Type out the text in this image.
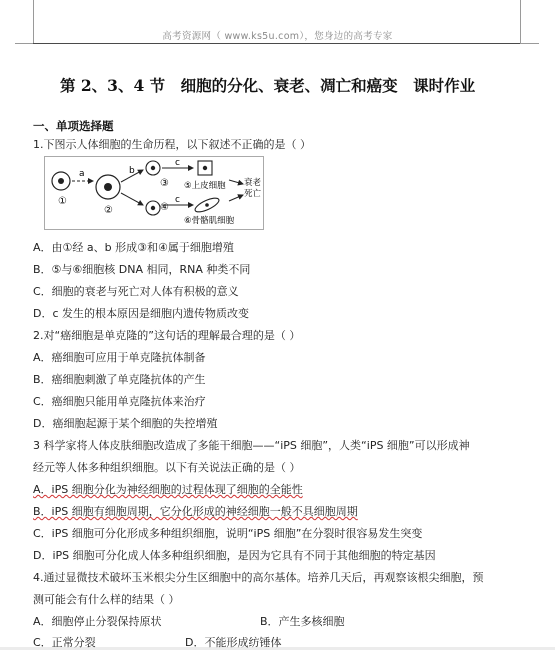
高考资源网（ www.ks5u.com），您身边的高考专家
第 2、3、4 节　细胞的分化、衰老、凋亡和癌变　课时作业
一、单项选择题
1.下图示人体细胞的生命历程，以下叙述不正确的是（ ）
①
a
②
b
③
④
c
c
⑤上皮细胞
⑥骨骼肌细胞
衰老
死亡
A．由①经 a、b 形成③和④属于细胞增殖
B．⑤与⑥细胞核 DNA 相同，RNA 种类不同
C．细胞的衰老与死亡对人体有积极的意义
D．c 发生的根本原因是细胞内遗传物质改变
2.对“癌细胞是单克隆的”这句话的理解最合理的是（ ）
A．癌细胞可应用于单克隆抗体制备
B．癌细胞刺激了单克隆抗体的产生
C．癌细胞只能用单克隆抗体来治疗
D．癌细胞起源于某个细胞的失控增殖
3 科学家将人体皮肤细胞改造成了多能干细胞——“iPS 细胞”，人类“iPS 细胞”可以形成神
经元等人体多种组织细胞。以下有关说法正确的是（ ）
A．iPS 细胞分化为神经细胞的过程体现了细胞的全能性
B．iPS 细胞有细胞周期，它分化形成的神经细胞一般不具细胞周期
C．iPS 细胞可分化形成多种组织细胞，说明“iPS 细胞”在分裂时很容易发生突变
D．iPS 细胞可分化成人体多种组织细胞，是因为它具有不同于其他细胞的特定基因
4.通过显微技术破坏玉米根尖分生区细胞中的高尔基体。培养几天后，再观察该根尖细胞，预
测可能会有什么样的结果（ ）
A．细胞停止分裂保持原状	B．产生多核细胞
C．正常分裂	D．不能形成纺锤体
